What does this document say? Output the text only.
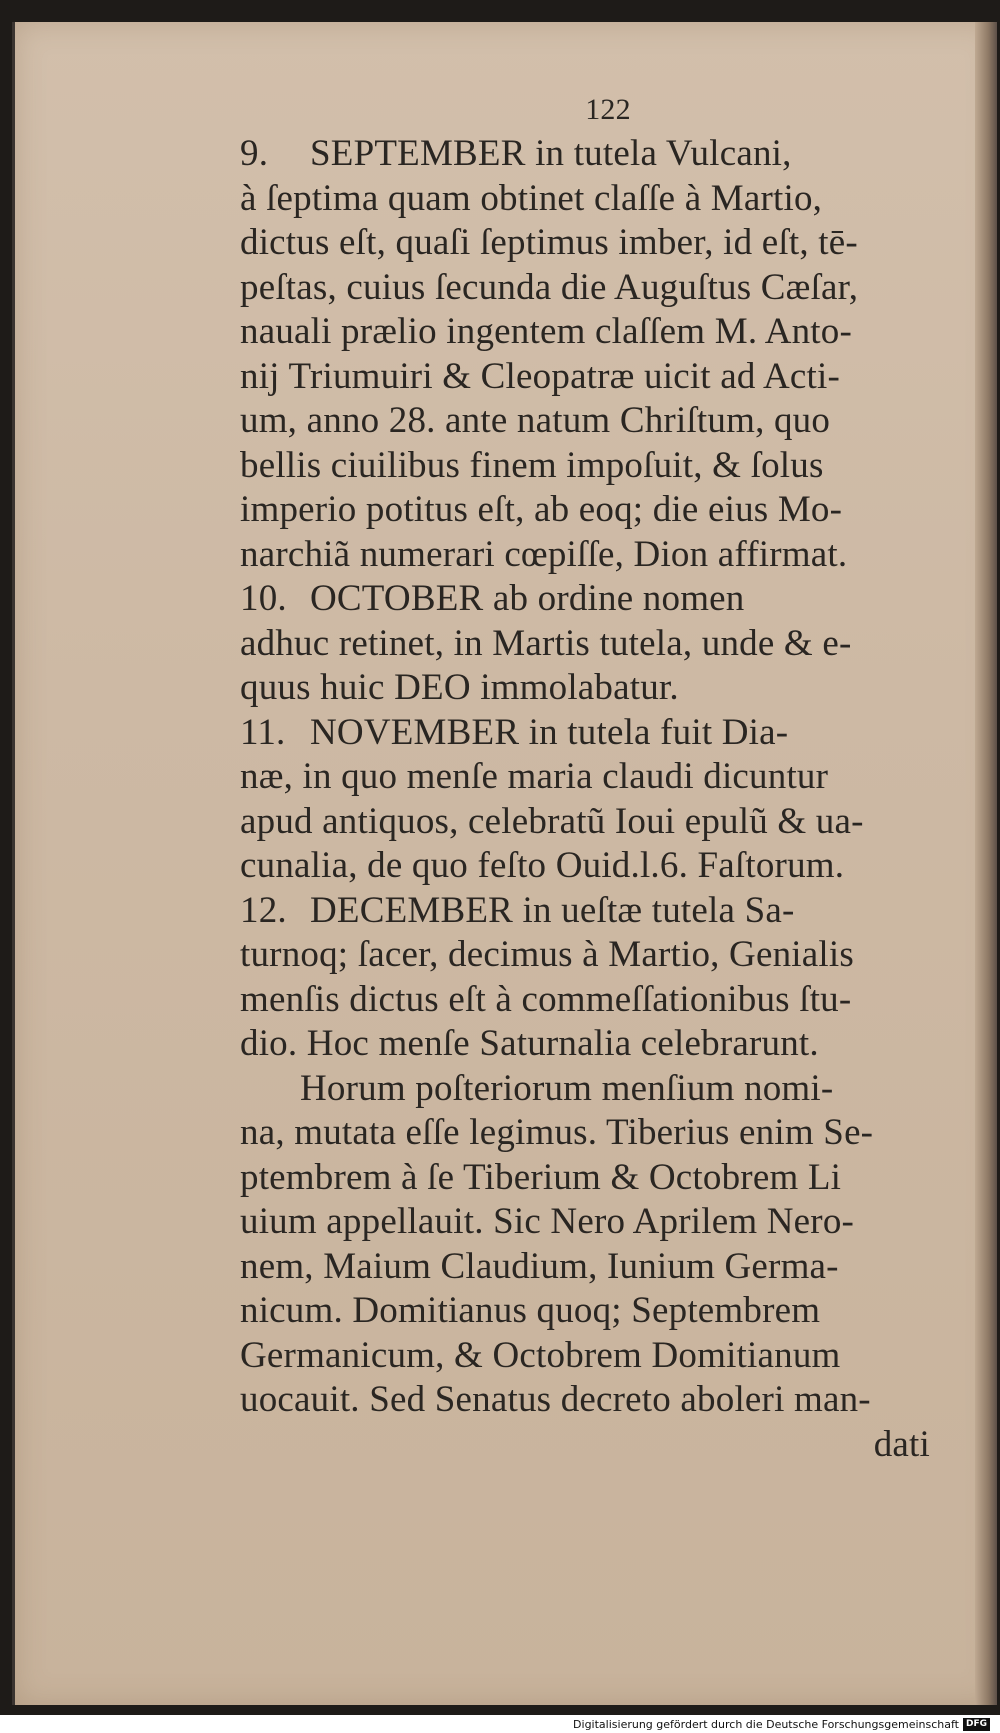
122
9. SEPTEMBER in tutela Vulcani,
à ſeptima quam obtinet claſſe à Martio,
dictus eſt, quaſi ſeptimus imber, id eſt, tē-
peſtas, cuius ſecunda die Auguſtus Cæſar,
nauali prælio ingentem claſſem M. Anto-
nij Triumuiri & Cleopatræ uicit ad Acti-
um, anno 28. ante natum Chriſtum, quo
bellis ciuilibus finem impoſuit, & ſolus
imperio potitus eſt, ab eoq; die eius Mo-
narchiã numerari cœpiſſe, Dion affirmat.
10. OCTOBER ab ordine nomen
adhuc retinet, in Martis tutela, unde & e-
quus huic DEO immolabatur.
11. NOVEMBER in tutela fuit Dia-
næ, in quo menſe maria claudi dicuntur
apud antiquos, celebratũ Ioui epulũ & ua-
cunalia, de quo feſto Ouid.l.6. Faſtorum.
12. DECEMBER in ueſtæ tutela Sa-
turnoq; ſacer, decimus à Martio, Genialis
menſis dictus eſt à commeſſationibus ſtu-
dio. Hoc menſe Saturnalia celebrarunt.
Horum poſteriorum menſium nomi-
na, mutata eſſe legimus. Tiberius enim Se-
ptembrem à ſe Tiberium & Octobrem Li
uium appellauit. Sic Nero Aprilem Nero-
nem, Maium Claudium, Iunium Germa-
nicum. Domitianus quoq; Septembrem
Germanicum, & Octobrem Domitianum
uocauit. Sed Senatus decreto aboleri man-
dati
Digitalisierung gefördert durch die Deutsche Forschungsgemeinschaft DFG
